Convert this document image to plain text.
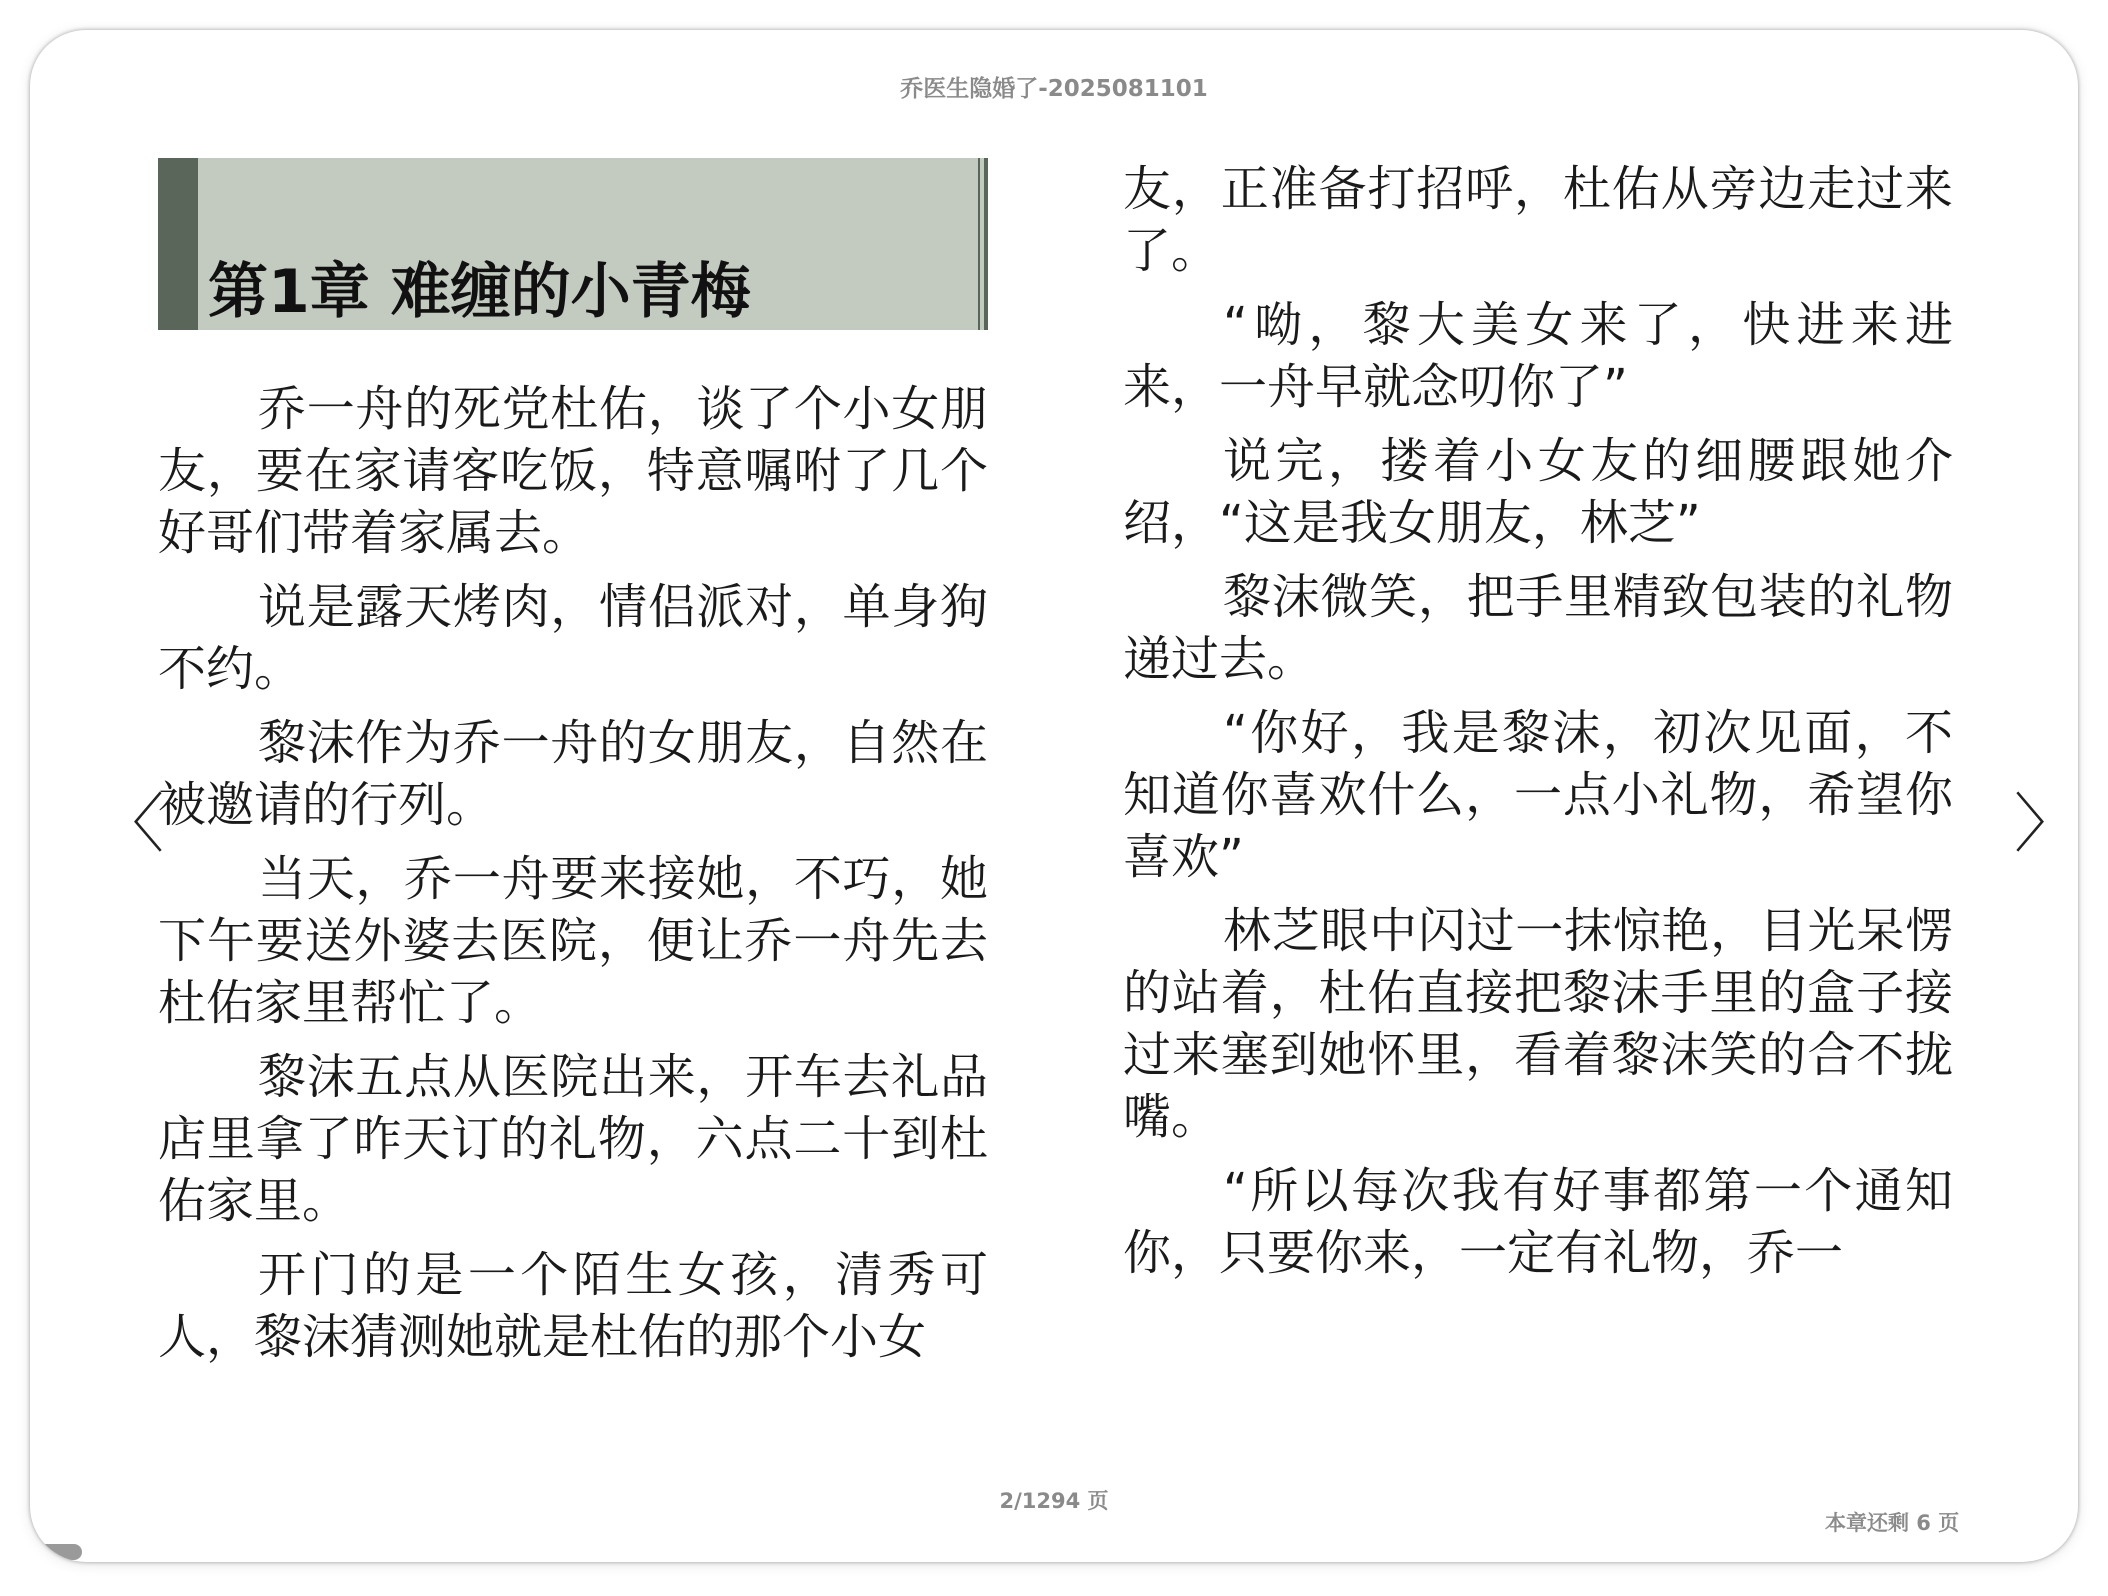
乔医生隐婚了-2025081101
第1章 难缠的小青梅

乔一舟的死党杜佑，谈了个小女朋友，要在家请客吃饭，特意嘱咐了几个好哥们带着家属去。

说是露天烤肉，情侣派对，单身狗不约。

黎沫作为乔一舟的女朋友，自然在被邀请的行列。

当天，乔一舟要来接她，不巧，她下午要送外婆去医院，便让乔一舟先去杜佑家里帮忙了。

黎沫五点从医院出来，开车去礼品店里拿了昨天订的礼物，六点二十到杜佑家里。

开门的是一个陌生女孩，清秀可人，黎沫猜测她就是杜佑的那个小女

友，正准备打招呼，杜佑从旁边走过来了。

“呦，黎大美女来了，快进来进来，一舟早就念叨你了”

说完，搂着小女友的细腰跟她介绍，“这是我女朋友，林芝”

黎沫微笑，把手里精致包装的礼物递过去。

“你好，我是黎沫，初次见面，不知道你喜欢什么，一点小礼物，希望你喜欢”

林芝眼中闪过一抹惊艳，目光呆愣的站着，杜佑直接把黎沫手里的盒子接过来塞到她怀里，看着黎沫笑的合不拢嘴。

“所以每次我有好事都第一个通知你，只要你来，一定有礼物，乔一

〈	〉
2/1294 页
本章还剩 6 页
